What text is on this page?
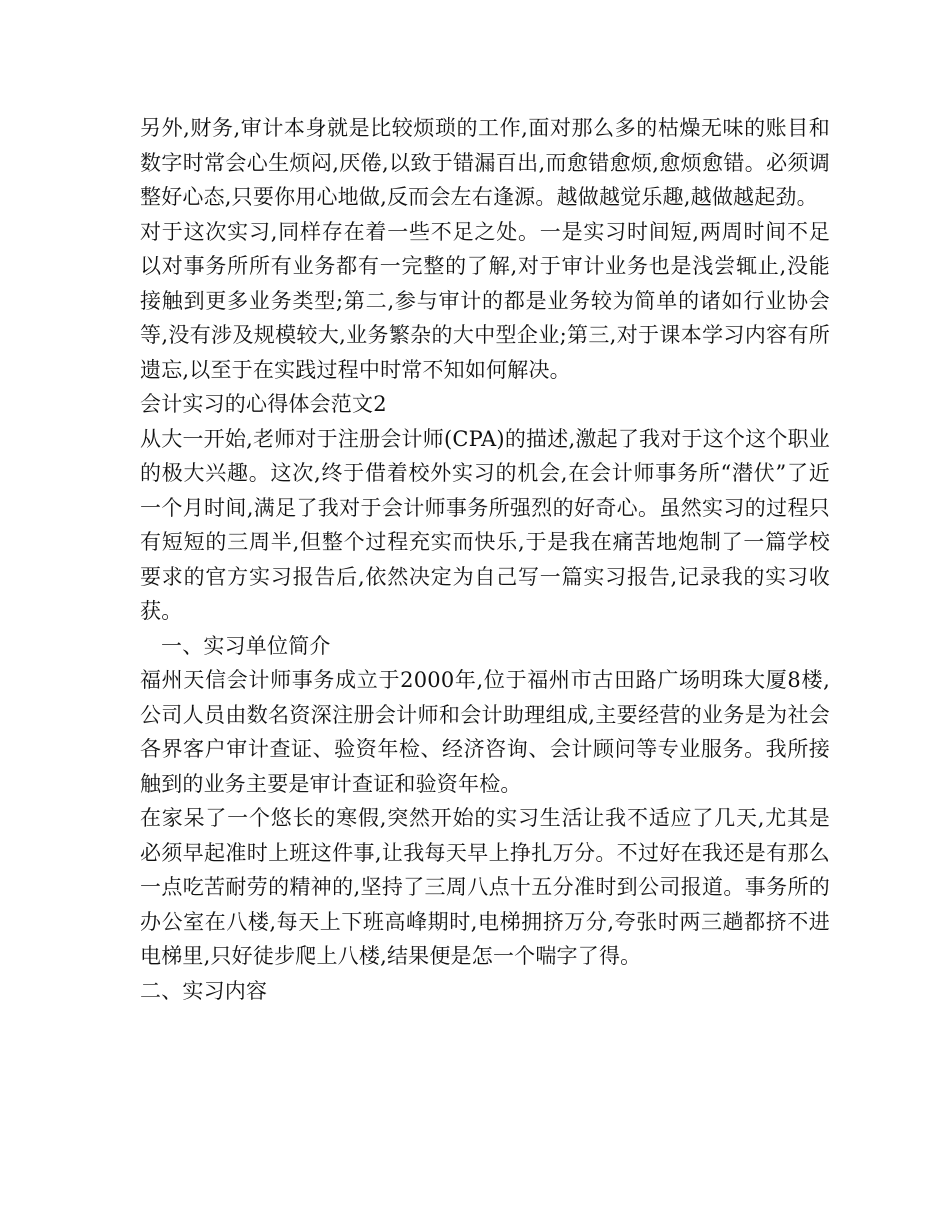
另外,财务,审计本身就是比较烦琐的工作,面对那么多的枯燥无味的账目和数字时常会心生烦闷,厌倦,以致于错漏百出,而愈错愈烦,愈烦愈错。必须调整好心态,只要你用心地做,反而会左右逢源。越做越觉乐趣,越做越起劲。

对于这次实习,同样存在着一些不足之处。一是实习时间短,两周时间不足以对事务所所有业务都有一完整的了解,对于审计业务也是浅尝辄止,没能接触到更多业务类型;第二,参与审计的都是业务较为简单的诸如行业协会等,没有涉及规模较大,业务繁杂的大中型企业;第三,对于课本学习内容有所遗忘,以至于在实践过程中时常不知如何解决。

会计实习的心得体会范文2

从大一开始,老师对于注册会计师(CPA)的描述,激起了我对于这个这个职业的极大兴趣。这次,终于借着校外实习的机会,在会计师事务所“潜伏”了近一个月时间,满足了我对于会计师事务所强烈的好奇心。虽然实习的过程只有短短的三周半,但整个过程充实而快乐,于是我在痛苦地炮制了一篇学校要求的官方实习报告后,依然决定为自己写一篇实习报告,记录我的实习收获。

一、实习单位简介

福州天信会计师事务成立于2000年,位于福州市古田路广场明珠大厦8楼,公司人员由数名资深注册会计师和会计助理组成,主要经营的业务是为社会各界客户审计查证、验资年检、经济咨询、会计顾问等专业服务。我所接触到的业务主要是审计查证和验资年检。

在家呆了一个悠长的寒假,突然开始的实习生活让我不适应了几天,尤其是必须早起准时上班这件事,让我每天早上挣扎万分。不过好在我还是有那么一点吃苦耐劳的精神的,坚持了三周八点十五分准时到公司报道。事务所的办公室在八楼,每天上下班高峰期时,电梯拥挤万分,夸张时两三趟都挤不进电梯里,只好徒步爬上八楼,结果便是怎一个喘字了得。

二、实习内容
